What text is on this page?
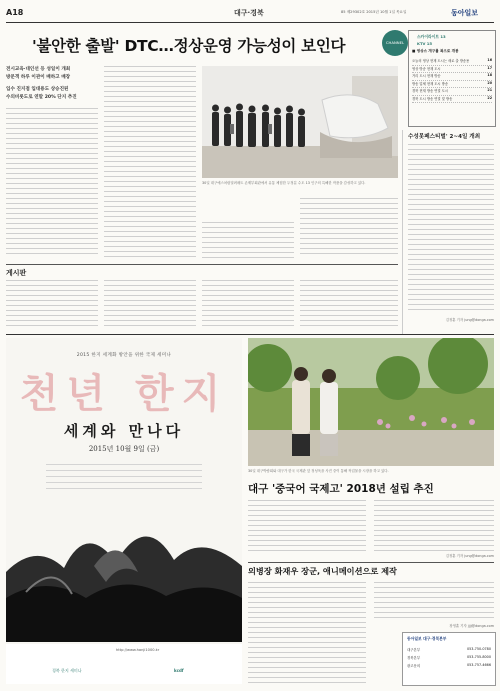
A18	대구·경북	85 제29302호 2015년 10월 1일 목요일	동아일보
'불안한 출발' DTC…정상운영 가능성이 보인다	CHANNEL
스카이라이트 13
KTV 15
■ 영상스 개구를 복으로 개봉
오늘의 영상 현재 도시는 새로 출 방송용	16
영상 방송 현재 도시	17
거리 도시 현재 방송	18
방송 업체 현재 도시 방송	20
경북 현재 방송 연결 도시	21
경북 도시 방송 연결 및 방송	22
전시교육·대인선 등 성일이 개최
방문객 하루 이관이 배하고 매장
입수 진지점 입대용도 상승진된
수의비롯도로 연말 20% 단지 추진
30일 대구예스처럼열려매트 손제부회관에서 유통 체험한 두정분 수도 13 인구의 특해한 작품을 감성하고 있다.
수성못페스티벌' 2~4일 개최
김정훈 기자 jung@donga.com
게시판
2015 한지 세계화 방안을 위한 국제 세미나
천년 한지
세계와 만나다
2015년 10월 9일 (금)
경북 한지 세미나
http://www.hanji1000.kr
kcdf
30일 대구박람회와 대구가 한국 국제관 앞 정성욱을 사진 중이 통해 작업물을 시장을 하고 있다.
대구 '중국어 국제고' 2018년 설립 추진
김정훈 기자 jung@donga.com
의병장 화재우 장군, 애니메이션으로 제작
장영훈 기자 jjjj@donga.com
동아일보 대구·경북본부
대구본부	053-750-0780
경북본부	053-755-8000
광고문의	053-757-4666
